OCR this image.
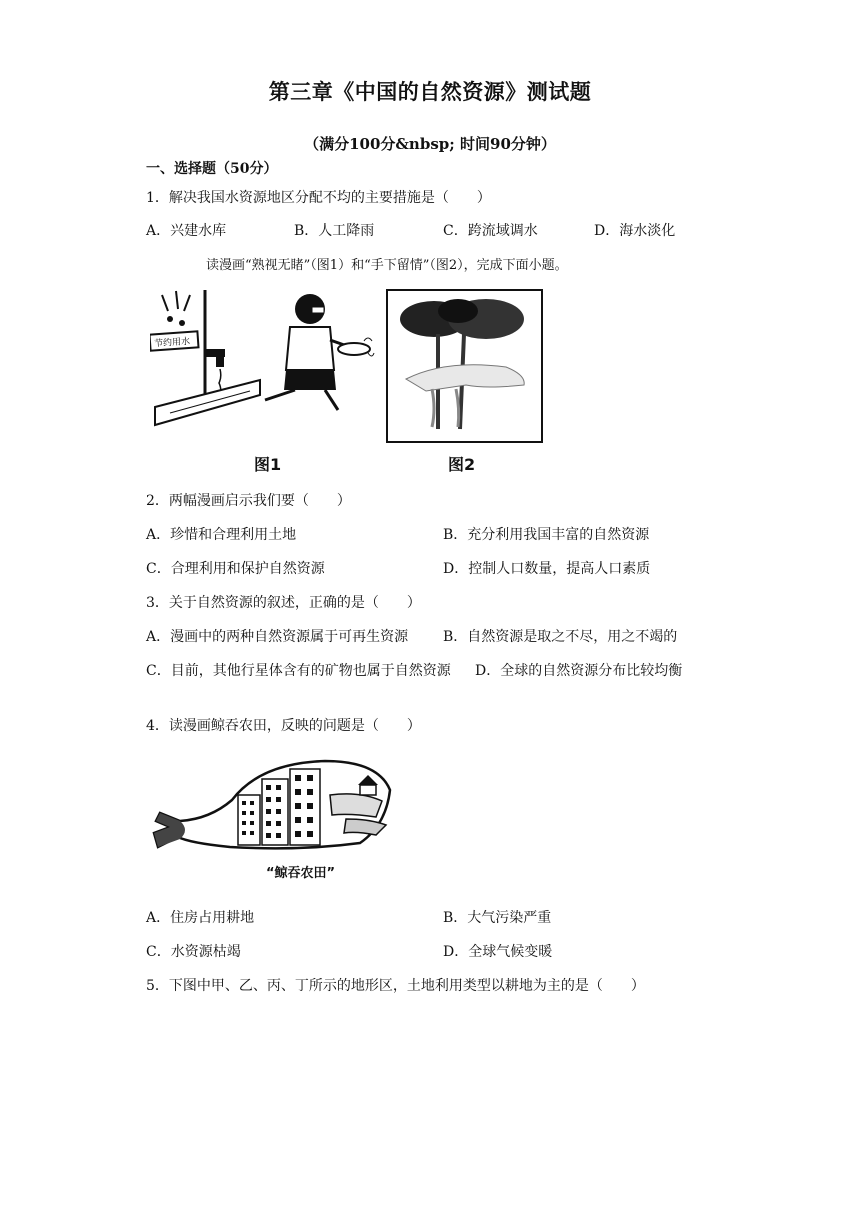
第三章《中国的自然资源》测试题
（满分100分&nbsp; 时间90分钟）
一、选择题（50分）
1．解决我国水资源地区分配不均的主要措施是（　　）
A．兴建水库	B．人工降雨	C．跨流域调水	D．海水淡化
读漫画“熟视无睹”（图1）和“手下留情”（图2），完成下面小题。
节约用水
图1	图2
2．两幅漫画启示我们要（　　）
A．珍惜和合理利用土地	B．充分利用我国丰富的自然资源
C．合理利用和保护自然资源	D．控制人口数量，提高人口素质
3．关于自然资源的叙述，正确的是（　　）
A．漫画中的两种自然资源属于可再生资源 B．自然资源是取之不尽，用之不竭的
C．目前，其他行星体含有的矿物也属于自然资源 D．全球的自然资源分布比较均衡
4．读漫画鲸吞农田，反映的问题是（　　）
“鲸吞农田”
A．住房占用耕地	B．大气污染严重
C．水资源枯竭	D．全球气候变暖
5．下图中甲、乙、丙、丁所示的地形区，土地利用类型以耕地为主的是（　　）
